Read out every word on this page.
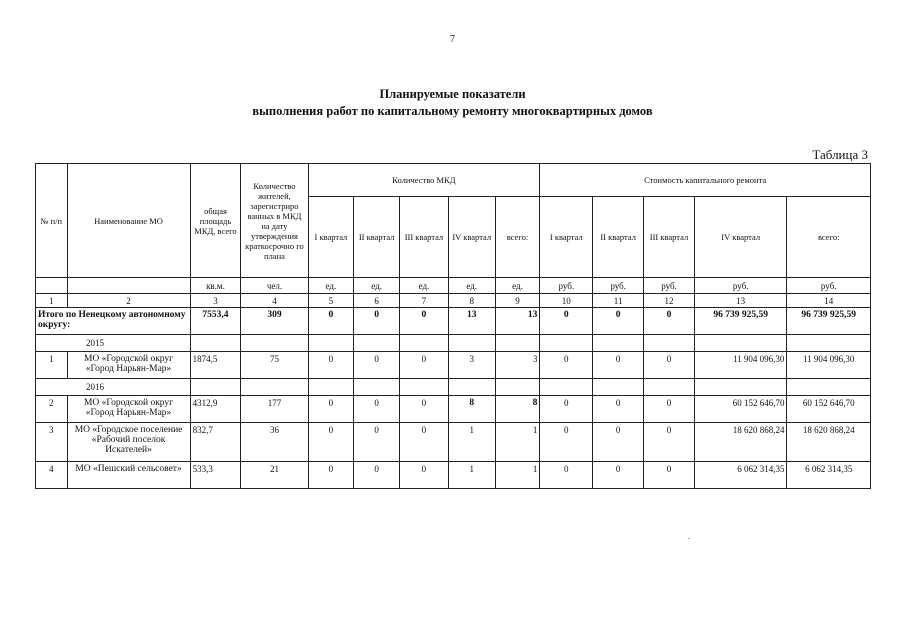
7
Планируемые показатели
выполнения работ по капитальному ремонту многоквартирных домов
Таблица 3
№ п/п	Наименование МО	общая площадь МКД, всего	Количество жителей, зарегистриро ванных в МКД на дату утверждения краткосрочно го плана	Количество МКД					Стоимость капитального ремонта				
				I квартал	II квартал	III квартал	IV квартал	всего:	I квартал	II квартал	III квартал	IV квартал	всего:
		кв.м.	чел.	ед.	ед.	ед.	ед.	ед.	руб.	руб.	руб.	руб.	руб.
1	2	3	4	5	6	7	8	9	10	11	12	13	14
Итого по Ненецкому автономному округу:		7553,4	309	0	0	0	13	13	0	0	0	96 739 925,59	96 739 925,59
2015													
1	МО «Городской округ «Город Нарьян-Мар»	1874,5	75	0	0	0	3	3	0	0	0	11 904 096,30	11 904 096,30
2016													
2	МО «Городской округ «Город Нарьян-Мар»	4312,9	177	0	0	0	8	8	0	0	0	60 152 646,70	60 152 646,70
3	МО «Городское поселение «Рабочий поселок Искателей»	832,7	36	0	0	0	1	1	0	0	0	18 620 868,24	18 620 868,24
4	МО «Пешский сельсовет»	533,3	21	0	0	0	1	1	0	0	0	6 062 314,35	6 062 314,35
.
